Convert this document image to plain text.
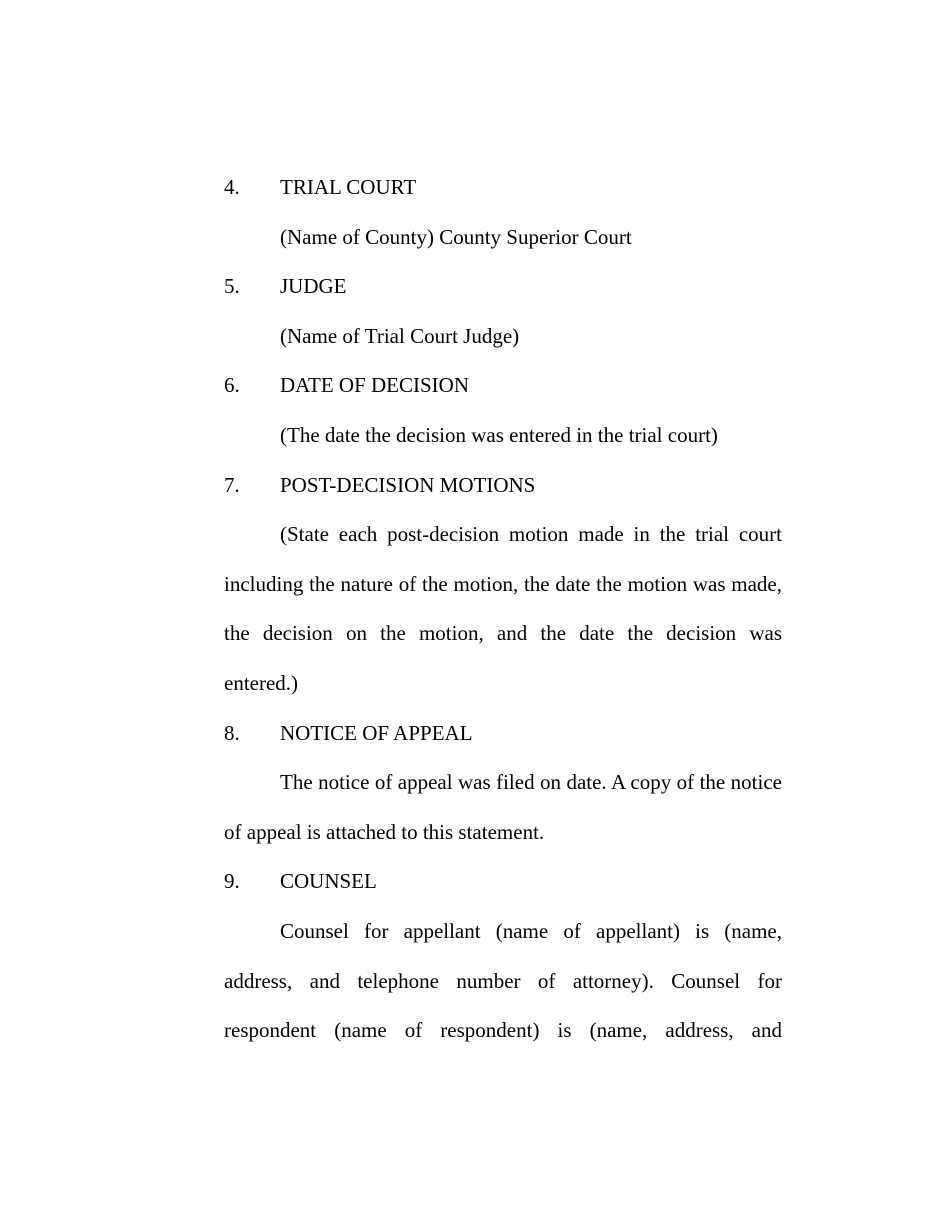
4.	TRIAL COURT

(Name of County) County Superior Court

5.	JUDGE

(Name of Trial Court Judge)

6.	DATE OF DECISION

(The date the decision was entered in the trial court)

7.	POST-DECISION MOTIONS

(State each post-decision motion made in the trial court including the nature of the motion, the date the motion was made, the decision on the motion, and the date the decision was entered.)

8.	NOTICE OF APPEAL

The notice of appeal was filed on date. A copy of the notice of appeal is attached to this statement.

9.	COUNSEL

Counsel for appellant (name of appellant) is (name, address, and telephone number of attorney). Counsel for respondent (name of respondent) is (name, address, and
